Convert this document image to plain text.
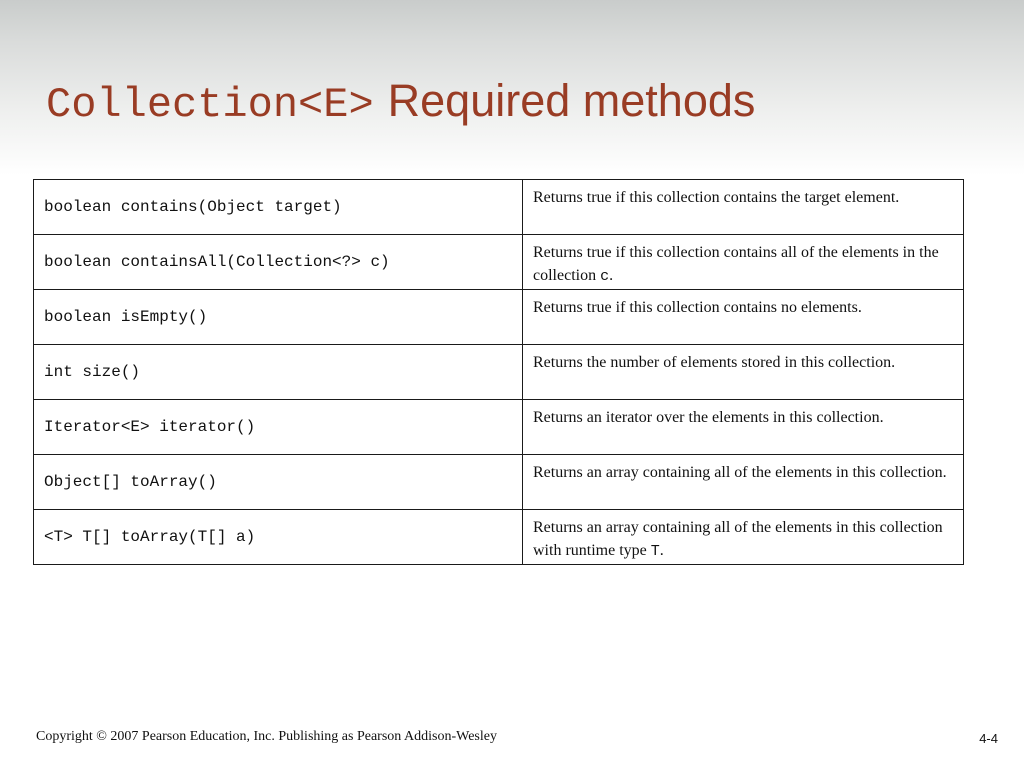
Collection<E> Required methods
boolean contains(Object target)	Returns true if this collection contains the target element.
boolean containsAll(Collection<?> c)	Returns true if this collection contains all of the elements in the collection c.
boolean isEmpty()	Returns true if this collection contains no elements.
int size()	Returns the number of elements stored in this collection.
Iterator<E> iterator()	Returns an iterator over the elements in this collection.
Object[] toArray()	Returns an array containing all of the elements in this collection.
<T> T[] toArray(T[] a)	Returns an array containing all of the elements in this collection with runtime type T.
Copyright © 2007 Pearson Education, Inc. Publishing as Pearson Addison-Wesley	4-4
